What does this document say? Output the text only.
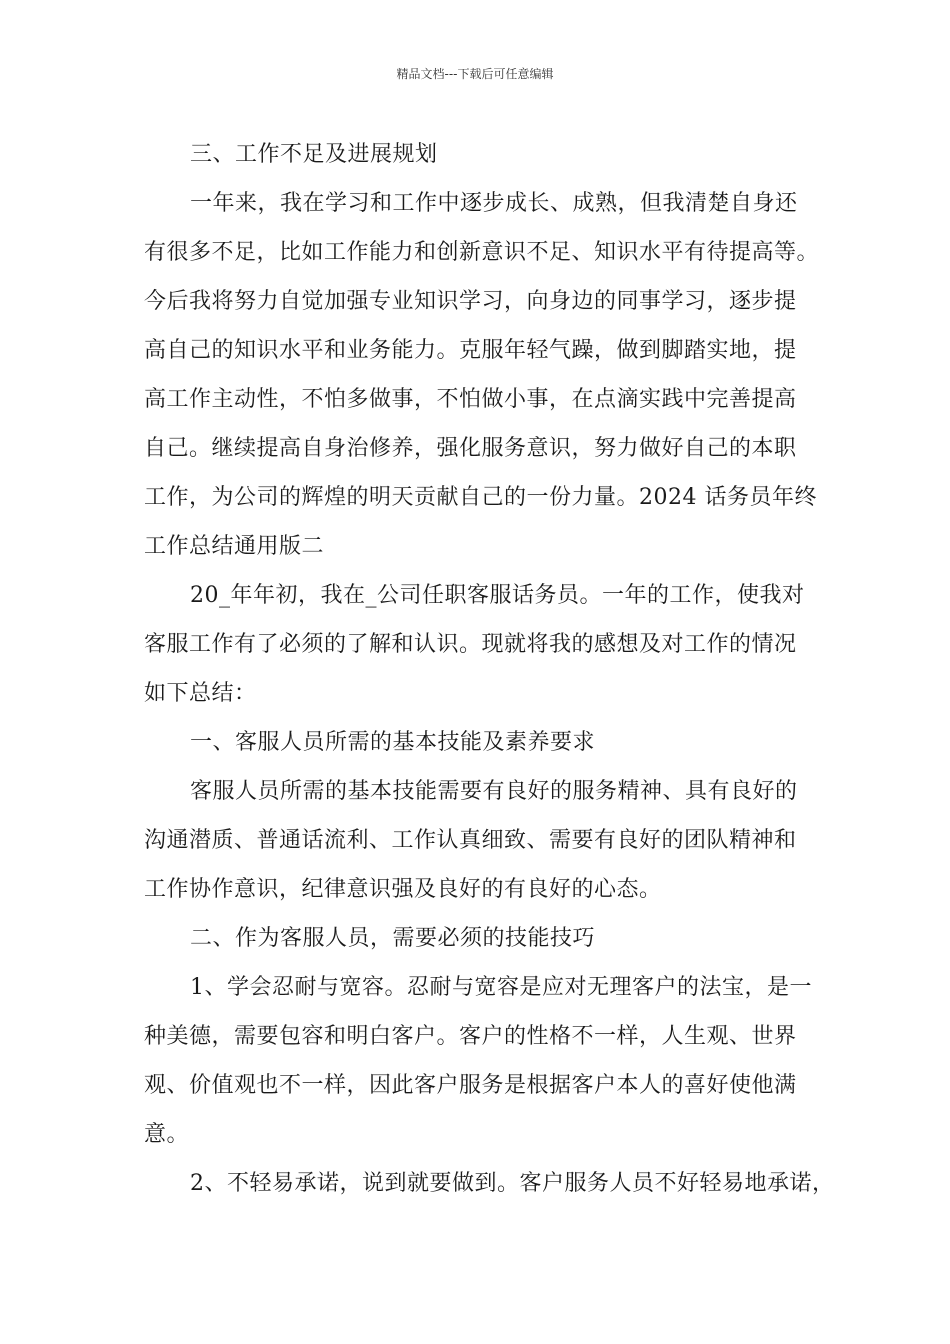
精品文档---下载后可任意编辑
三、工作不足及进展规划
一年来，我在学习和工作中逐步成长、成熟，但我清楚自身还
有很多不足，比如工作能力和创新意识不足、知识水平有待提高等。
今后我将努力自觉加强专业知识学习，向身边的同事学习，逐步提
高自己的知识水平和业务能力。克服年轻气躁，做到脚踏实地，提
高工作主动性，不怕多做事，不怕做小事，在点滴实践中完善提高
自己。继续提高自身治修养，强化服务意识，努力做好自己的本职
工作，为公司的辉煌的明天贡献自己的一份力量。2024 话务员年终
工作总结通用版二
20_年年初，我在_公司任职客服话务员。一年的工作，使我对
客服工作有了必须的了解和认识。现就将我的感想及对工作的情况
如下总结：
一、客服人员所需的基本技能及素养要求
客服人员所需的基本技能需要有良好的服务精神、具有良好的
沟通潜质、普通话流利、工作认真细致、需要有良好的团队精神和
工作协作意识，纪律意识强及良好的有良好的心态。
二、作为客服人员，需要必须的技能技巧
1、学会忍耐与宽容。忍耐与宽容是应对无理客户的法宝，是一
种美德，需要包容和明白客户。客户的性格不一样，人生观、世界
观、价值观也不一样，因此客户服务是根据客户本人的喜好使他满
意。
2、不轻易承诺，说到就要做到。客户服务人员不好轻易地承诺，
